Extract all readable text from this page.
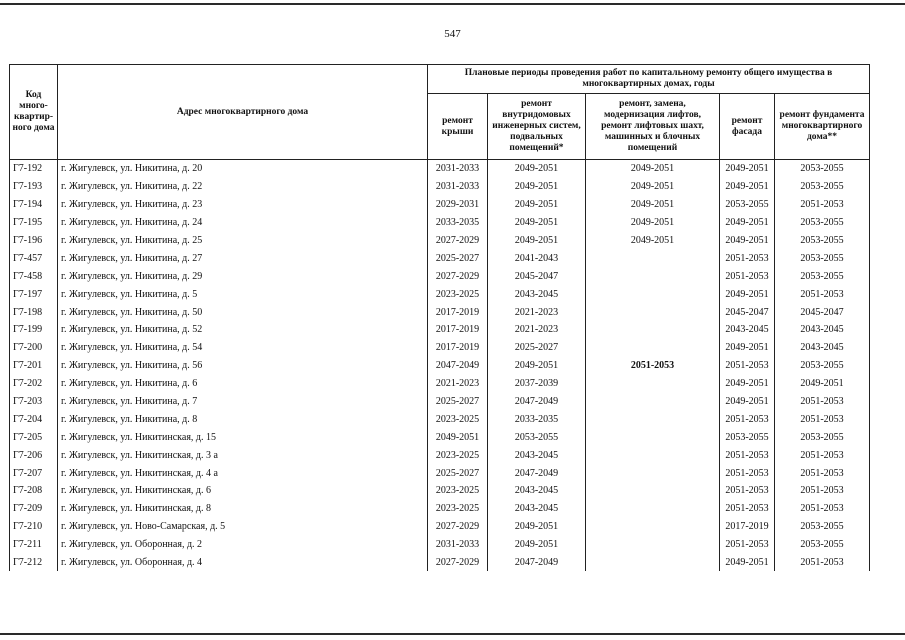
547
Код много-квартир-ного дома	Адрес многоквартирного дома	Плановые периоды проведения работ по капитальному ремонту общего имущества в многоквартирных домах, годы				
		ремонт крыши	ремонт внутридомовых инженерных систем, подвальных помещений*	ремонт, замена, модернизация лифтов, ремонт лифтовых шахт, машинных и блочных помещений	ремонт фасада	ремонт фундамента многоквартирного дома**
Г7-192	г. Жигулевск, ул. Никитина, д. 20	2031-2033	2049-2051	2049-2051	2049-2051	2053-2055
Г7-193	г. Жигулевск, ул. Никитина, д. 22	2031-2033	2049-2051	2049-2051	2049-2051	2053-2055
Г7-194	г. Жигулевск, ул. Никитина, д. 23	2029-2031	2049-2051	2049-2051	2053-2055	2051-2053
Г7-195	г. Жигулевск, ул. Никитина, д. 24	2033-2035	2049-2051	2049-2051	2049-2051	2053-2055
Г7-196	г. Жигулевск, ул. Никитина, д. 25	2027-2029	2049-2051	2049-2051	2049-2051	2053-2055
Г7-457	г. Жигулевск, ул. Никитина, д. 27	2025-2027	2041-2043		2051-2053	2053-2055
Г7-458	г. Жигулевск, ул. Никитина, д. 29	2027-2029	2045-2047		2051-2053	2053-2055
Г7-197	г. Жигулевск, ул. Никитина, д. 5	2023-2025	2043-2045		2049-2051	2051-2053
Г7-198	г. Жигулевск, ул. Никитина, д. 50	2017-2019	2021-2023		2045-2047	2045-2047
Г7-199	г. Жигулевск, ул. Никитина, д. 52	2017-2019	2021-2023		2043-2045	2043-2045
Г7-200	г. Жигулевск, ул. Никитина, д. 54	2017-2019	2025-2027		2049-2051	2043-2045
Г7-201	г. Жигулевск, ул. Никитина, д. 56	2047-2049	2049-2051	2051-2053	2051-2053	2053-2055
Г7-202	г. Жигулевск, ул. Никитина, д. 6	2021-2023	2037-2039		2049-2051	2049-2051
Г7-203	г. Жигулевск, ул. Никитина, д. 7	2025-2027	2047-2049		2049-2051	2051-2053
Г7-204	г. Жигулевск, ул. Никитина, д. 8	2023-2025	2033-2035		2051-2053	2051-2053
Г7-205	г. Жигулевск, ул. Никитинская, д. 15	2049-2051	2053-2055		2053-2055	2053-2055
Г7-206	г. Жигулевск, ул. Никитинская, д. 3 а	2023-2025	2043-2045		2051-2053	2051-2053
Г7-207	г. Жигулевск, ул. Никитинская, д. 4 а	2025-2027	2047-2049		2051-2053	2051-2053
Г7-208	г. Жигулевск, ул. Никитинская, д. 6	2023-2025	2043-2045		2051-2053	2051-2053
Г7-209	г. Жигулевск, ул. Никитинская, д. 8	2023-2025	2043-2045		2051-2053	2051-2053
Г7-210	г. Жигулевск, ул. Ново-Самарская, д. 5	2027-2029	2049-2051		2017-2019	2053-2055
Г7-211	г. Жигулевск, ул. Оборонная, д. 2	2031-2033	2049-2051		2051-2053	2053-2055
Г7-212	г. Жигулевск, ул. Оборонная, д. 4	2027-2029	2047-2049		2049-2051	2051-2053
